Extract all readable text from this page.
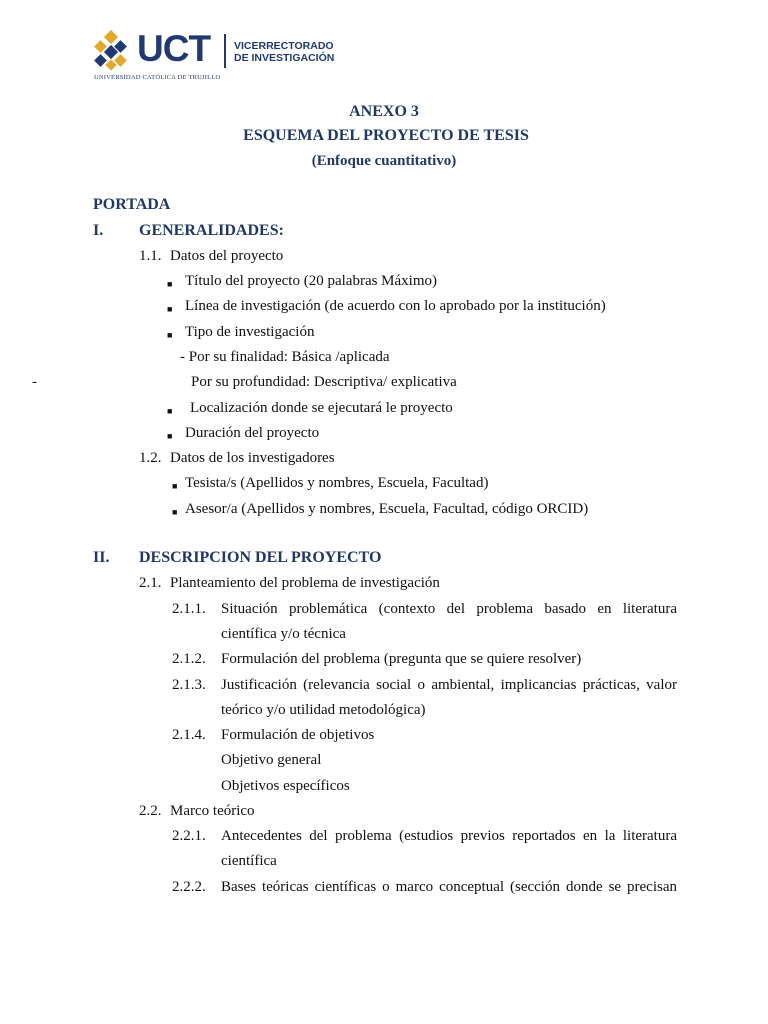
UCT VICERRECTORADO
DE INVESTIGACIÓN
UNIVERSIDAD CATÓLICA DE TRUJILLO
ANEXO 3
ESQUEMA DEL PROYECTO DE TESIS
(Enfoque cuantitativo)
PORTADA
I. GENERALIDADES:
1.1. Datos del proyecto
■ Título del proyecto (20 palabras Máximo)
■ Línea de investigación (de acuerdo con lo aprobado por la institución)
■ Tipo de investigación
- Por su finalidad: Básica /aplicada
-	Por su profundidad: Descriptiva/ explicativa
■ Localización donde se ejecutará le proyecto
■ Duración del proyecto
1.2. Datos de los investigadores
■ Tesista/s (Apellidos y nombres, Escuela, Facultad)
■ Asesor/a (Apellidos y nombres, Escuela, Facultad, código ORCID)
II. DESCRIPCION DEL PROYECTO
2.1. Planteamiento del problema de investigación
2.1.1. Situación problemática (contexto del problema basado en literatura
científica y/o técnica
2.1.2. Formulación del problema (pregunta que se quiere resolver)
2.1.3. Justificación (relevancia social o ambiental, implicancias prácticas, valor
teórico y/o utilidad metodológica)
2.1.4. Formulación de objetivos
Objetivo general
Objetivos específicos
2.2. Marco teórico
2.2.1. Antecedentes del problema (estudios previos reportados en la literatura
científica
2.2.2. Bases teóricas científicas o marco conceptual (sección donde se precisan
